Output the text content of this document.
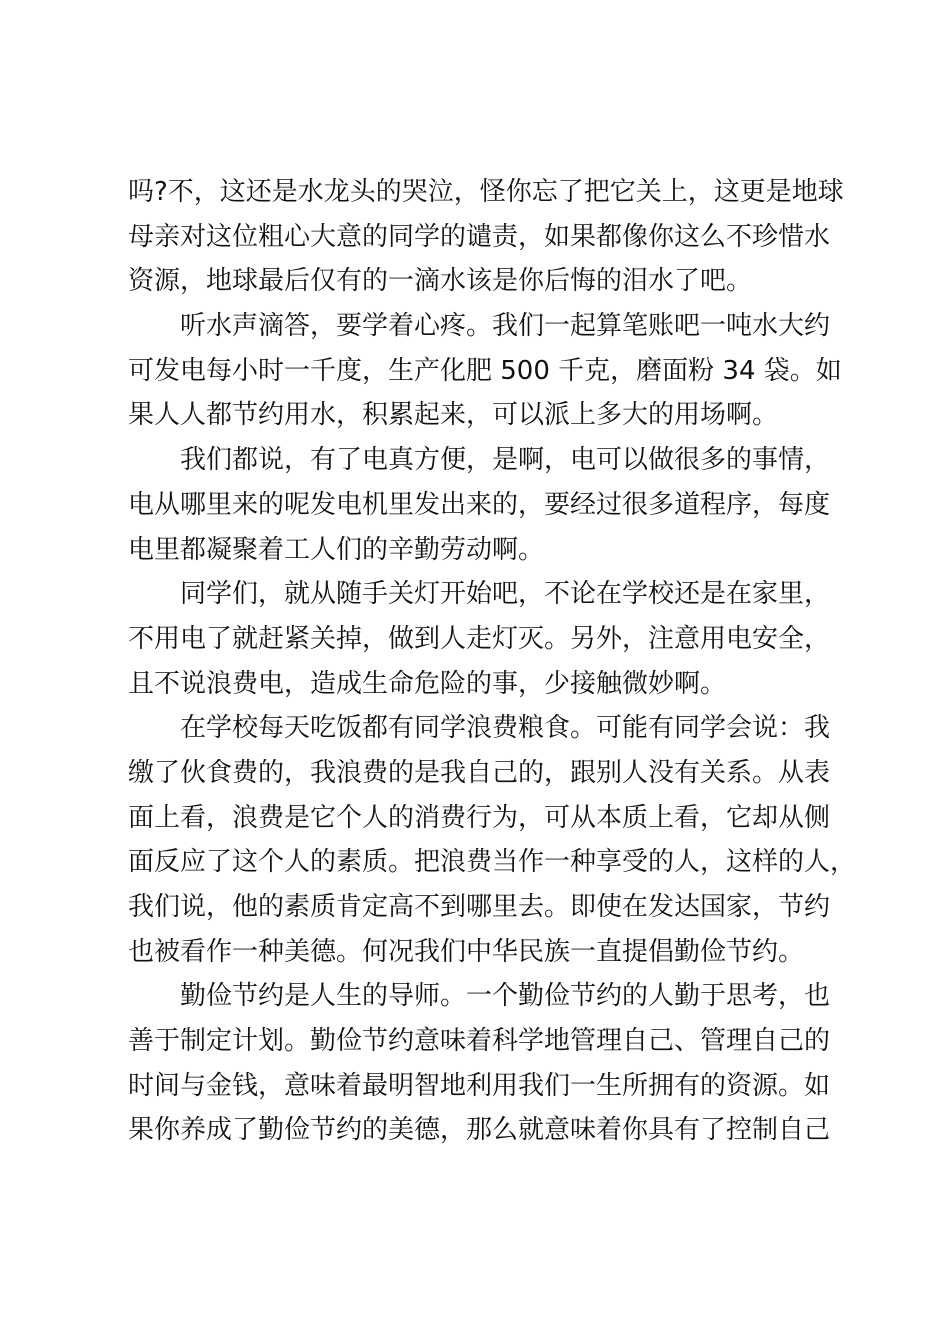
吗?不，这还是水龙头的哭泣，怪你忘了把它关上，这更是地球
母亲对这位粗心大意的同学的谴责，如果都像你这么不珍惜水
资源，地球最后仅有的一滴水该是你后悔的泪水了吧。
听水声滴答，要学着心疼。我们一起算笔账吧一吨水大约
可发电每小时一千度，生产化肥 500 千克，磨面粉 34 袋。如
果人人都节约用水，积累起来，可以派上多大的用场啊。
我们都说，有了电真方便，是啊，电可以做很多的事情，
电从哪里来的呢发电机里发出来的，要经过很多道程序，每度
电里都凝聚着工人们的辛勤劳动啊。
同学们，就从随手关灯开始吧，不论在学校还是在家里，
不用电了就赶紧关掉，做到人走灯灭。另外，注意用电安全，
且不说浪费电，造成生命危险的事，少接触微妙啊。
在学校每天吃饭都有同学浪费粮食。可能有同学会说：我
缴了伙食费的，我浪费的是我自己的，跟别人没有关系。从表
面上看，浪费是它个人的消费行为，可从本质上看，它却从侧
面反应了这个人的素质。把浪费当作一种享受的人，这样的人，
我们说，他的素质肯定高不到哪里去。即使在发达国家，节约
也被看作一种美德。何况我们中华民族一直提倡勤俭节约。
勤俭节约是人生的导师。一个勤俭节约的人勤于思考，也
善于制定计划。勤俭节约意味着科学地管理自己、管理自己的
时间与金钱，意味着最明智地利用我们一生所拥有的资源。如
果你养成了勤俭节约的美德，那么就意味着你具有了控制自己
